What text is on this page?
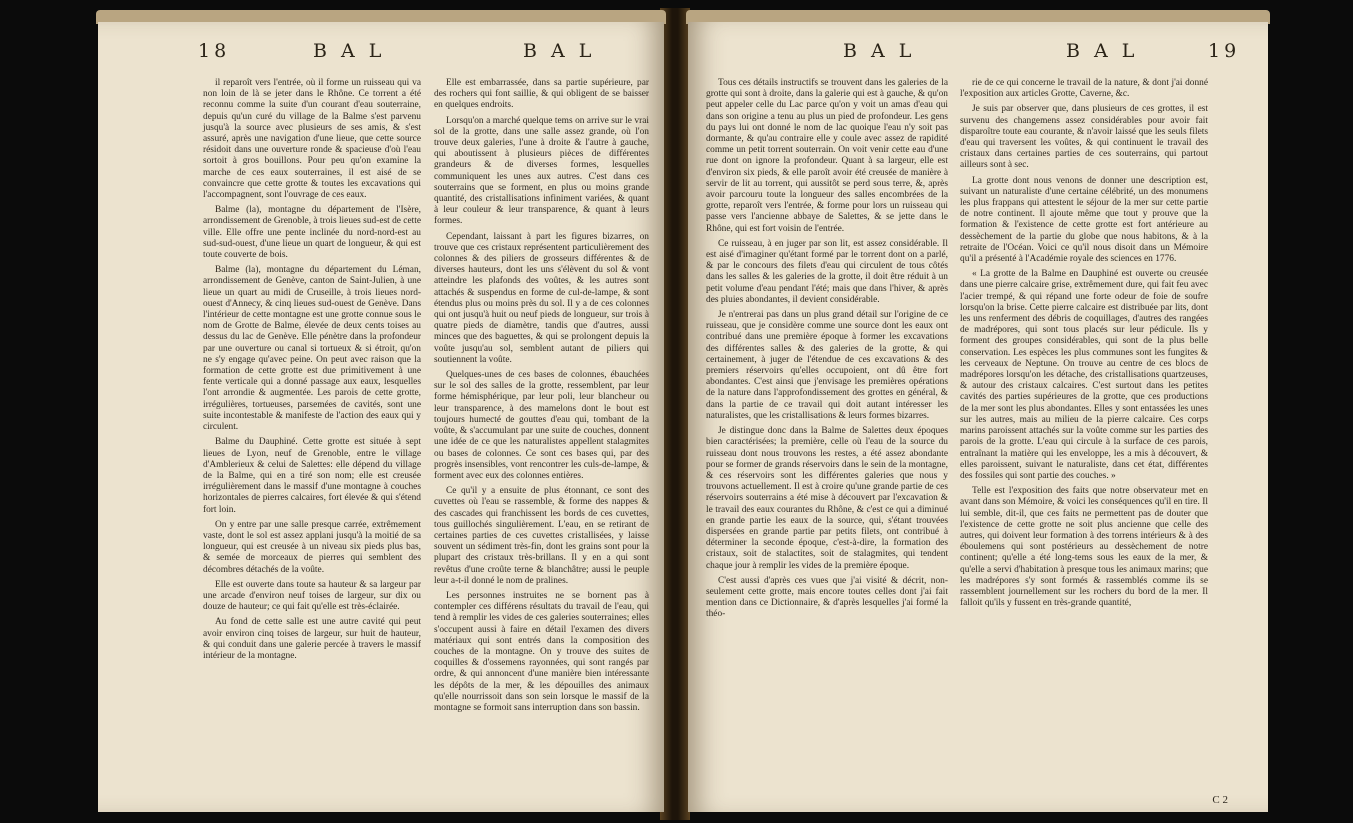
18	B A L	B A L

il reparoît vers l'entrée, où il forme un ruisseau qui va non loin de là se jeter dans le Rhône. Ce torrent a été reconnu comme la suite d'un courant d'eau souterraine, depuis qu'un curé du village de la Balme s'est parvenu jusqu'à la source avec plusieurs de ses amis, & s'est assuré, après une navigation d'une lieue, que cette source résidoit dans une ouverture ronde & spacieuse d'où l'eau sortoit à gros bouillons. Pour peu qu'on examine la marche de ces eaux souterraines, il est aisé de se convaincre que cette grotte & toutes les excavations qui l'accompagnent, sont l'ouvrage de ces eaux.

Balme (la), montagne du département de l'Isère, arrondissement de Grenoble, à trois lieues sud-est de cette ville. Elle offre une pente inclinée du nord-nord-est au sud-sud-ouest, d'une lieue un quart de longueur, & qui est toute couverte de bois.

Balme (la), montagne du département du Léman, arrondissement de Genève, canton de Saint-Julien, à une lieue un quart au midi de Cruseille, à trois lieues nord-ouest d'Annecy, & cinq lieues sud-ouest de Genève. Dans l'intérieur de cette montagne est une grotte connue sous le nom de Grotte de Balme, élevée de deux cents toises au dessus du lac de Genève. Elle pénètre dans la profondeur par une ouverture ou canal si tortueux & si étroit, qu'on ne s'y engage qu'avec peine. On peut avec raison que la formation de cette grotte est due primitivement à une fente verticale qui a donné passage aux eaux, lesquelles l'ont arrondie & augmentée. Les parois de cette grotte, irrégulières, tortueuses, parsemées de cavités, sont une suite incontestable & manifeste de l'action des eaux qui y circulent.

Balme du Dauphiné. Cette grotte est située à sept lieues de Lyon, neuf de Grenoble, entre le village d'Amblerieux & celui de Salettes: elle dépend du village de la Balme, qui en a tiré son nom; elle est creusée irrégulièrement dans le massif d'une montagne à couches horizontales de pierres calcaires, fort élevée & qui s'étend fort loin.

On y entre par une salle presque carrée, extrêmement vaste, dont le sol est assez applani jusqu'à la moitié de sa longueur, qui est creusée à un niveau six pieds plus bas, & semée de morceaux de pierres qui semblent des décombres détachés de la voûte.

Elle est ouverte dans toute sa hauteur & sa largeur par une arcade d'environ neuf toises de largeur, sur dix ou douze de hauteur; ce qui fait qu'elle est très-éclairée.

Au fond de cette salle est une autre cavité qui peut avoir environ cinq toises de largeur, sur huit de hauteur, & qui conduit dans une galerie percée à travers le massif intérieur de la montagne.

Elle est embarrassée, dans sa partie supérieure, par des rochers qui font saillie, & qui obligent de se baisser en quelques endroits.

Lorsqu'on a marché quelque tems on arrive sur le vrai sol de la grotte, dans une salle assez grande, où l'on trouve deux galeries, l'une à droite & l'autre à gauche, qui aboutissent à plusieurs pièces de différentes grandeurs & de diverses formes, lesquelles communiquent les unes aux autres. C'est dans ces souterrains que se forment, en plus ou moins grande quantité, des cristallisations infiniment variées, & quant à leur couleur & leur transparence, & quant à leurs formes.

Cependant, laissant à part les figures bizarres, on trouve que ces cristaux représentent particulièrement des colonnes & des piliers de grosseurs différentes & de diverses hauteurs, dont les uns s'élèvent du sol & vont atteindre les plafonds des voûtes, & les autres sont attachés & suspendus en forme de cul-de-lampe, & sont étendus plus ou moins près du sol. Il y a de ces colonnes qui ont jusqu'à huit ou neuf pieds de longueur, sur trois à quatre pieds de diamètre, tandis que d'autres, aussi minces que des baguettes, & qui se prolongent depuis la voûte jusqu'au sol, semblent autant de piliers qui soutiennent la voûte.

Quelques-unes de ces bases de colonnes, ébauchées sur le sol des salles de la grotte, ressemblent, par leur forme hémisphérique, par leur poli, leur blancheur ou leur transparence, à des mamelons dont le bout est toujours humecté de gouttes d'eau qui, tombant de la voûte, & s'accumulant par une suite de couches, donnent une idée de ce que les naturalistes appellent stalagmites ou bases de colonnes. Ce sont ces bases qui, par des progrès insensibles, vont rencontrer les culs-de-lampe, & forment avec eux des colonnes entières.

Ce qu'il y a ensuite de plus étonnant, ce sont des cuvettes où l'eau se rassemble, & forme des nappes & des cascades qui franchissent les bords de ces cuvettes, tous guillochés singulièrement. L'eau, en se retirant de certaines parties de ces cuvettes cristallisées, y laisse souvent un sédiment très-fin, dont les grains sont pour la plupart des cristaux très-brillans. Il y en a qui sont revêtus d'une croûte terne & blanchâtre; aussi le peuple leur a-t-il donné le nom de pralines.

Les personnes instruites ne se bornent pas à contempler ces différens résultats du travail de l'eau, qui tend à remplir les vides de ces galeries souterraines; elles s'occupent aussi à faire en détail l'examen des divers matériaux qui sont entrés dans la composition des couches de la montagne. On y trouve des suites de coquilles & d'ossemens rayonnées, qui sont rangés par ordre, & qui annoncent d'une manière bien intéressante les dépôts de la mer, & les dépouilles des animaux qu'elle nourrissoit dans son sein lorsque le massif de la montagne se formoit sans interruption dans son bassin.

B A L	B A L	19

Tous ces détails instructifs se trouvent dans les galeries de la grotte qui sont à droite, dans la galerie qui est à gauche, & qu'on peut appeler celle du Lac parce qu'on y voit un amas d'eau qui dans son origine a tenu au plus un pied de profondeur. Les gens du pays lui ont donné le nom de lac quoique l'eau n'y soit pas dormante, & qu'au contraire elle y coule avec assez de rapidité comme un petit torrent souterrain. On voit venir cette eau d'une rue dont on ignore la profondeur. Quant à sa largeur, elle est d'environ six pieds, & elle paroît avoir été creusée de manière à servir de lit au torrent, qui aussitôt se perd sous terre, &, après avoir parcouru toute la longueur des salles encombrées de la grotte, reparoît vers l'entrée, & forme pour lors un ruisseau qui passe vers l'ancienne abbaye de Salettes, & se jette dans le Rhône, qui est fort voisin de l'entrée.

Ce ruisseau, à en juger par son lit, est assez considérable. Il est aisé d'imaginer qu'étant formé par le torrent dont on a parlé, & par le concours des filets d'eau qui circulent de tous côtés dans les salles & les galeries de la grotte, il doit être réduit à un petit volume d'eau pendant l'été; mais que dans l'hiver, & après des pluies abondantes, il devient considérable.

Je n'entrerai pas dans un plus grand détail sur l'origine de ce ruisseau, que je considère comme une source dont les eaux ont contribué dans une première époque à former les excavations des différentes salles & des galeries de la grotte, & qui certainement, à juger de l'étendue de ces excavations & des premiers réservoirs qu'elles occupoient, ont dû être fort abondantes. C'est ainsi que j'envisage les premières opérations de la nature dans l'approfondissement des grottes en général, & dans la partie de ce travail qui doit autant intéresser les naturalistes, que les cristallisations & leurs formes bizarres.

Je distingue donc dans la Balme de Salettes deux époques bien caractérisées; la première, celle où l'eau de la source du ruisseau dont nous trouvons les restes, a été assez abondante pour se former de grands réservoirs dans le sein de la montagne, & ces réservoirs sont les différentes galeries que nous y trouvons actuellement. Il est à croire qu'une grande partie de ces réservoirs souterrains a été mise à découvert par l'excavation & le travail des eaux courantes du Rhône, & c'est ce qui a diminué en grande partie les eaux de la source, qui, s'étant trouvées dispersées en grande partie par petits filets, ont contribué à déterminer la seconde époque, c'est-à-dire, la formation des cristaux, soit de stalactites, soit de stalagmites, qui tendent chaque jour à remplir les vides de la première époque.

C'est aussi d'après ces vues que j'ai visité & décrit, non-seulement cette grotte, mais encore toutes celles dont j'ai fait mention dans ce Dictionnaire, & d'après lesquelles j'ai formé la théo-

rie de ce qui concerne le travail de la nature, & dont j'ai donné l'exposition aux articles Grotte, Caverne, &c.

Je suis par observer que, dans plusieurs de ces grottes, il est survenu des changemens assez considérables pour avoir fait disparoître toute eau courante, & n'avoir laissé que les seuls filets d'eau qui traversent les voûtes, & qui continuent le travail des cristaux dans certaines parties de ces souterrains, qui partout ailleurs sont à sec.

La grotte dont nous venons de donner une description est, suivant un naturaliste d'une certaine célébrité, un des monumens les plus frappans qui attestent le séjour de la mer sur cette partie de notre continent. Il ajoute même que tout y prouve que la formation & l'existence de cette grotte est fort antérieure au dessèchement de la partie du globe que nous habitons, & à la retraite de l'Océan. Voici ce qu'il nous disoit dans un Mémoire qu'il a présenté à l'Académie royale des sciences en 1776.

« La grotte de la Balme en Dauphiné est ouverte ou creusée dans une pierre calcaire grise, extrêmement dure, qui fait feu avec l'acier trempé, & qui répand une forte odeur de foie de soufre lorsqu'on la brise. Cette pierre calcaire est distribuée par lits, dont les uns renferment des débris de coquillages, d'autres des rangées de madrépores, qui sont tous placés sur leur pédicule. Ils y forment des groupes considérables, qui sont de la plus belle conservation. Les espèces les plus communes sont les fungites & les cerveaux de Neptune. On trouve au centre de ces blocs de madrépores lorsqu'on les détache, des cristallisations quartzeuses, & autour des cristaux calcaires. C'est surtout dans les petites cavités des parties supérieures de la grotte, que ces productions de la mer sont les plus abondantes. Elles y sont entassées les unes sur les autres, mais au milieu de la pierre calcaire. Ces corps marins paroissent attachés sur la voûte comme sur les parties des parois de la grotte. L'eau qui circule à la surface de ces parois, entraînant la matière qui les enveloppe, les a mis à découvert, & elles paroissent, suivant le naturaliste, dans cet état, différentes des fossiles qui sont partie des couches. »

Telle est l'exposition des faits que notre observateur met en avant dans son Mémoire, & voici les conséquences qu'il en tire. Il lui semble, dit-il, que ces faits ne permettent pas de douter que l'existence de cette grotte ne soit plus ancienne que celle des autres, qui doivent leur formation à des torrens intérieurs & à des éboulemens qui sont postérieurs au dessèchement de notre continent; qu'elle a été long-tems sous les eaux de la mer, & qu'elle a servi d'habitation à presque tous les animaux marins; que les madrépores s'y sont formés & rassemblés comme ils se rassemblent journellement sur les rochers du bord de la mer. Il falloit qu'ils y fussent en très-grande quantité,

C 2
